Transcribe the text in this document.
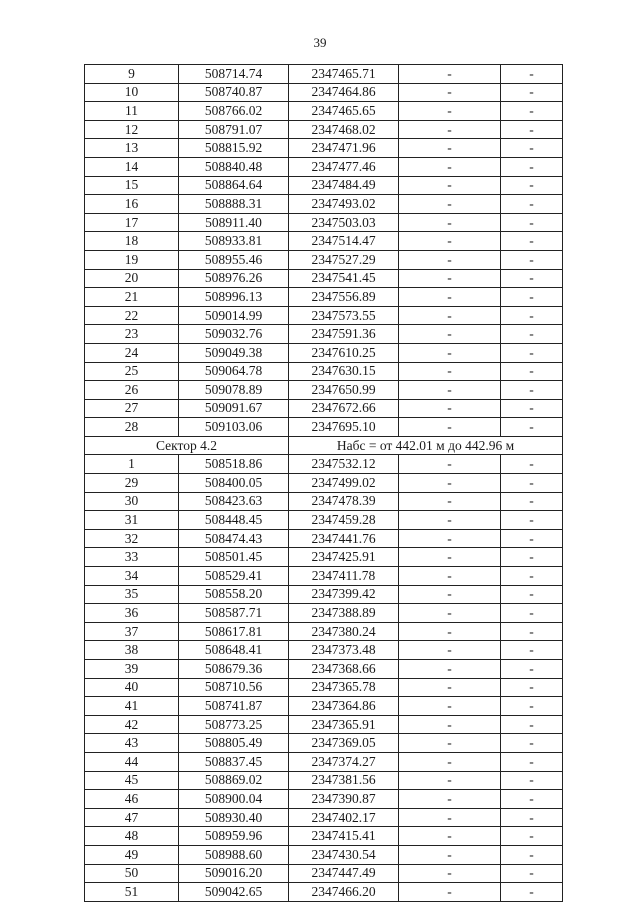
39
9	508714.74	2347465.71	-	-
10	508740.87	2347464.86	-	-
11	508766.02	2347465.65	-	-
12	508791.07	2347468.02	-	-
13	508815.92	2347471.96	-	-
14	508840.48	2347477.46	-	-
15	508864.64	2347484.49	-	-
16	508888.31	2347493.02	-	-
17	508911.40	2347503.03	-	-
18	508933.81	2347514.47	-	-
19	508955.46	2347527.29	-	-
20	508976.26	2347541.45	-	-
21	508996.13	2347556.89	-	-
22	509014.99	2347573.55	-	-
23	509032.76	2347591.36	-	-
24	509049.38	2347610.25	-	-
25	509064.78	2347630.15	-	-
26	509078.89	2347650.99	-	-
27	509091.67	2347672.66	-	-
28	509103.06	2347695.10	-	-
Сектор 4.2		Набс = от 442.01 м до 442.96 м		
1	508518.86	2347532.12	-	-
29	508400.05	2347499.02	-	-
30	508423.63	2347478.39	-	-
31	508448.45	2347459.28	-	-
32	508474.43	2347441.76	-	-
33	508501.45	2347425.91	-	-
34	508529.41	2347411.78	-	-
35	508558.20	2347399.42	-	-
36	508587.71	2347388.89	-	-
37	508617.81	2347380.24	-	-
38	508648.41	2347373.48	-	-
39	508679.36	2347368.66	-	-
40	508710.56	2347365.78	-	-
41	508741.87	2347364.86	-	-
42	508773.25	2347365.91	-	-
43	508805.49	2347369.05	-	-
44	508837.45	2347374.27	-	-
45	508869.02	2347381.56	-	-
46	508900.04	2347390.87	-	-
47	508930.40	2347402.17	-	-
48	508959.96	2347415.41	-	-
49	508988.60	2347430.54	-	-
50	509016.20	2347447.49	-	-
51	509042.65	2347466.20	-	-
